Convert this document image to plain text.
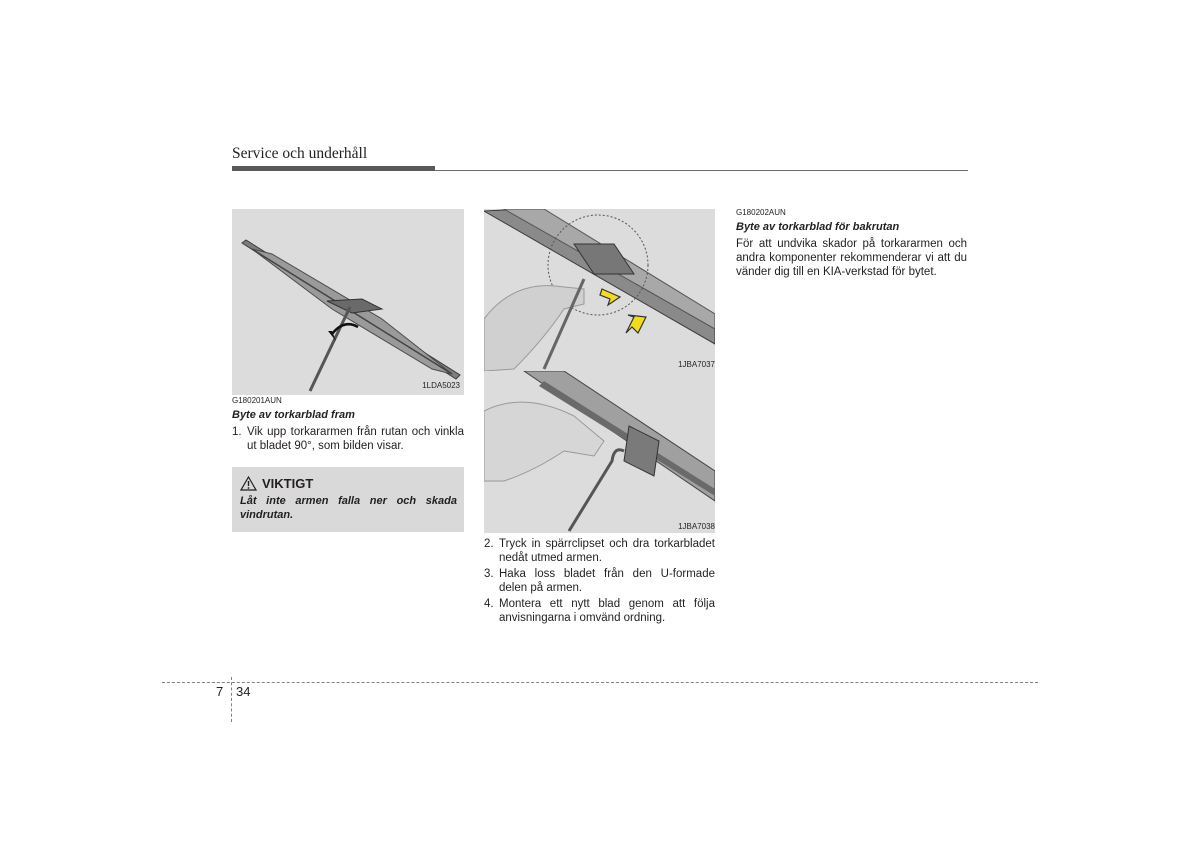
Service och underhåll
1LDA5023
G180201AUN
Byte av torkarblad fram
1. Vik upp torkararmen från rutan och vinkla ut bladet 90°, som bilden visar.
VIKTIGT
Låt inte armen falla ner och skada vindrutan.
1JBA7037
1JBA7038
2. Tryck in spärrclipset och dra torkarbladet nedåt utmed armen.
3. Haka loss bladet från den U-formade delen på armen.
4. Montera ett nytt blad genom att följa anvisningarna i omvänd ordning.
G180202AUN
Byte av torkarblad för bakrutan
För att undvika skador på torkararmen och andra komponenter rekommenderar vi att du vänder dig till en KIA-verkstad för bytet.
7 34
